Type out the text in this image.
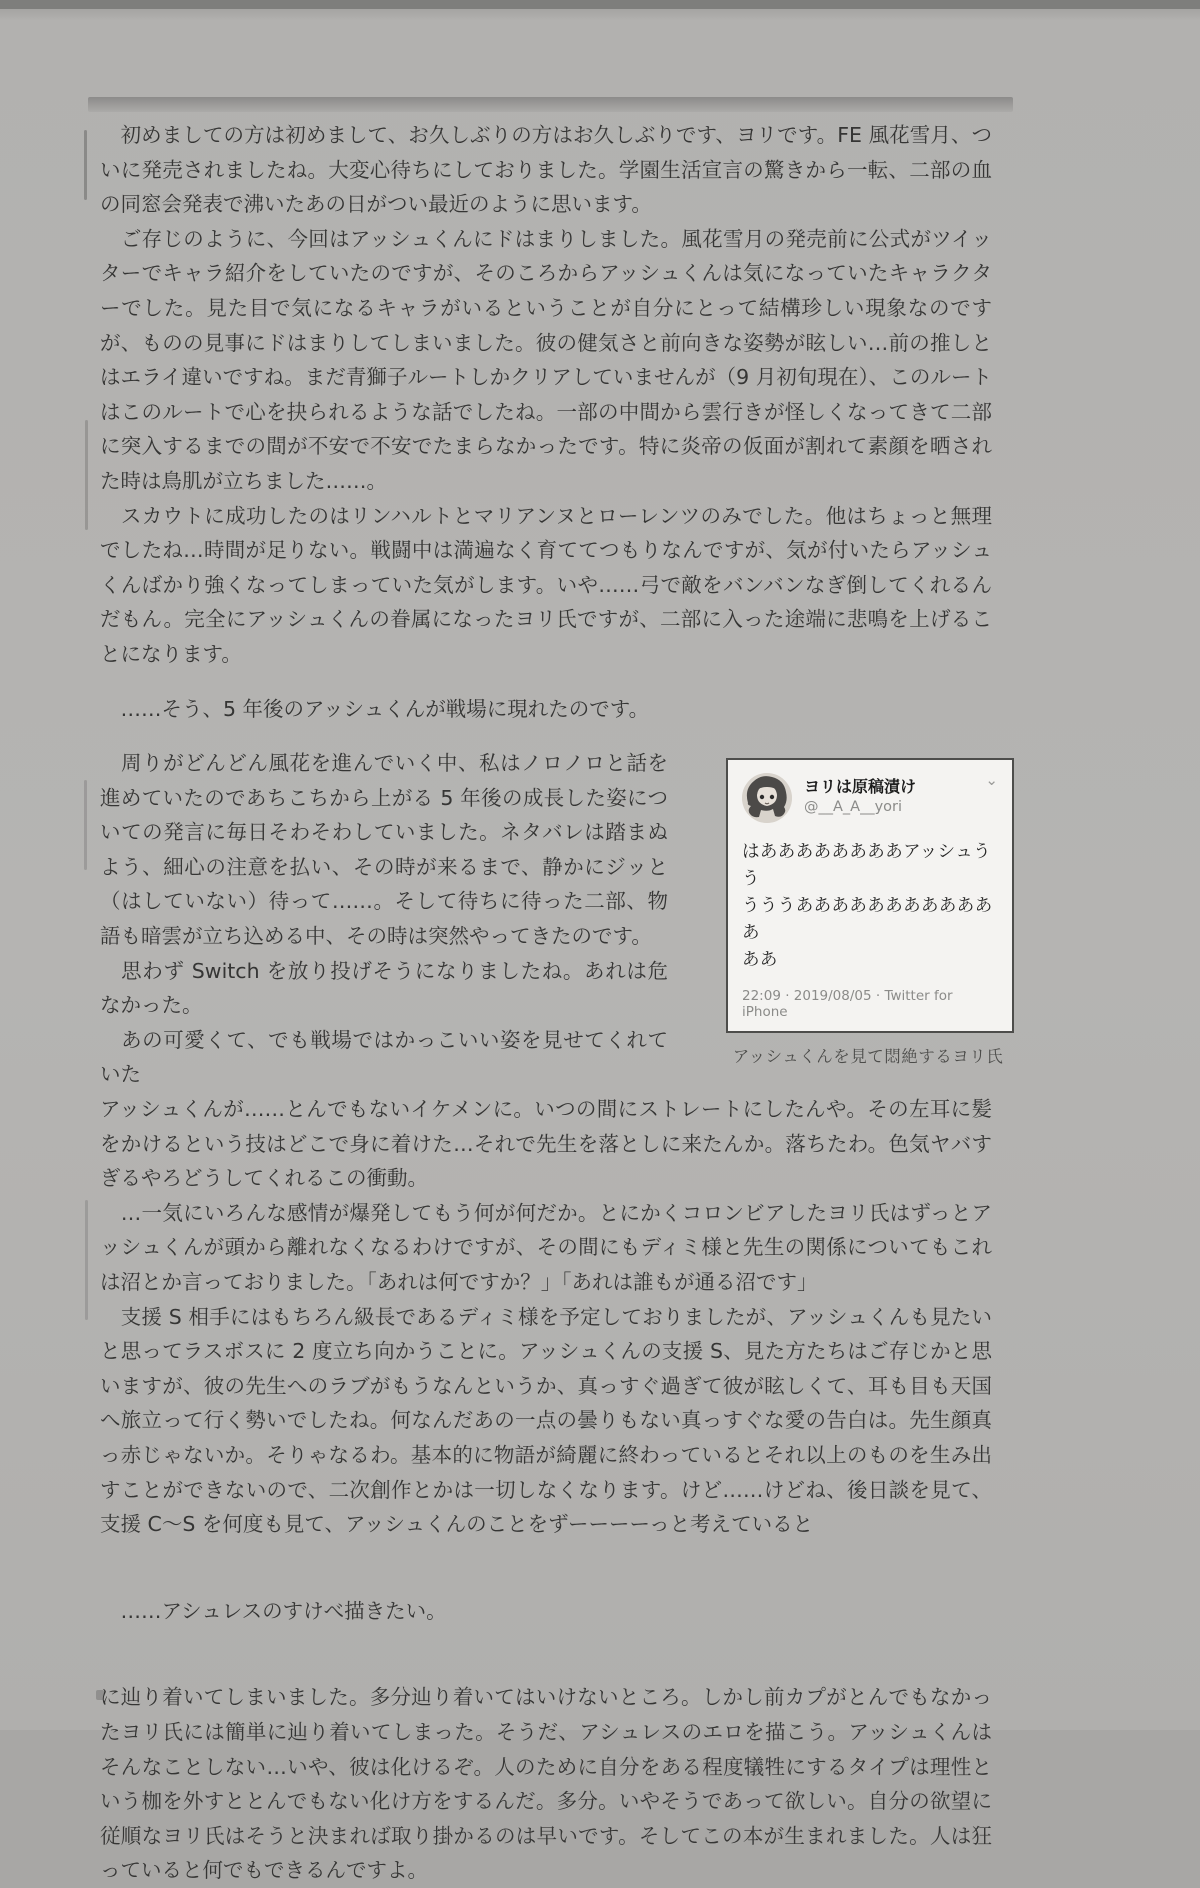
　初めましての方は初めまして、お久しぶりの方はお久しぶりです、ヨリです。FE 風花雪月、ついに発売されましたね。大変心待ちにしておりました。学園生活宣言の驚きから一転、二部の血の同窓会発表で沸いたあの日がつい最近のように思います。

　ご存じのように、今回はアッシュくんにドはまりしました。風花雪月の発売前に公式がツイッターでキャラ紹介をしていたのですが、そのころからアッシュくんは気になっていたキャラクターでした。見た目で気になるキャラがいるということが自分にとって結構珍しい現象なのですが、ものの見事にドはまりしてしまいました。彼の健気さと前向きな姿勢が眩しい…前の推しとはエライ違いですね。まだ青獅子ルートしかクリアしていませんが（9 月初旬現在）、このルートはこのルートで心を抉られるような話でしたね。一部の中間から雲行きが怪しくなってきて二部に突入するまでの間が不安で不安でたまらなかったです。特に炎帝の仮面が割れて素顔を晒された時は鳥肌が立ちました……。

　スカウトに成功したのはリンハルトとマリアンヌとローレンツのみでした。他はちょっと無理でしたね…時間が足りない。戦闘中は満遍なく育ててつもりなんですが、気が付いたらアッシュくんばかり強くなってしまっていた気がします。いや……弓で敵をバンバンなぎ倒してくれるんだもん。完全にアッシュくんの眷属になったヨリ氏ですが、二部に入った途端に悲鳴を上げることになります。

　……そう、5 年後のアッシュくんが戦場に現れたのです。

　周りがどんどん風花を進んでいく中、私はノロノロと話を進めていたのであちこちから上がる 5 年後の成長した姿についての発言に毎日そわそわしていました。ネタバレは踏まぬよう、細心の注意を払い、その時が来るまで、静かにジッと（はしていない）待って……。そして待ちに待った二部、物語も暗雲が立ち込める中、その時は突然やってきたのです。

　思わず Switch を放り投げそうになりましたね。あれは危なかった。

　あの可愛くて、でも戦場ではかっこいい姿を見せてくれていた

ヨリは原稿漬け
@__A_A__yori
⌄
はああああああああアッシュうう
うううああああああああああああ
ああ
22:09 · 2019/08/05 · Twitter for iPhone
アッシュくんを見て悶絶するヨリ氏

アッシュくんが……とんでもないイケメンに。いつの間にストレートにしたんや。その左耳に髪をかけるという技はどこで身に着けた…それで先生を落としに来たんか。落ちたわ。色気ヤバすぎるやろどうしてくれるこの衝動。

　…一気にいろんな感情が爆発してもう何が何だか。とにかくコロンビアしたヨリ氏はずっとアッシュくんが頭から離れなくなるわけですが、その間にもディミ様と先生の関係についてもこれは沼とか言っておりました。「あれは何ですか？」「あれは誰もが通る沼です」

　支援 S 相手にはもちろん級長であるディミ様を予定しておりましたが、アッシュくんも見たいと思ってラスボスに 2 度立ち向かうことに。アッシュくんの支援 S、見た方たちはご存じかと思いますが、彼の先生へのラブがもうなんというか、真っすぐ過ぎて彼が眩しくて、耳も目も天国へ旅立って行く勢いでしたね。何なんだあの一点の曇りもない真っすぐな愛の告白は。先生顔真っ赤じゃないか。そりゃなるわ。基本的に物語が綺麗に終わっているとそれ以上のものを生み出すことができないので、二次創作とかは一切しなくなります。けど……けどね、後日談を見て、支援 C～S を何度も見て、アッシュくんのことをずーーーーっと考えていると

　……アシュレスのすけべ描きたい。

に辿り着いてしまいました。多分辿り着いてはいけないところ。しかし前カプがとんでもなかったヨリ氏には簡単に辿り着いてしまった。そうだ、アシュレスのエロを描こう。アッシュくんはそんなことしない…いや、彼は化けるぞ。人のために自分をある程度犠牲にするタイプは理性という枷を外すととんでもない化け方をするんだ。多分。いやそうであって欲しい。自分の欲望に従順なヨリ氏はそうと決まれば取り掛かるのは早いです。そしてこの本が生まれました。人は狂っていると何でもできるんですよ。
